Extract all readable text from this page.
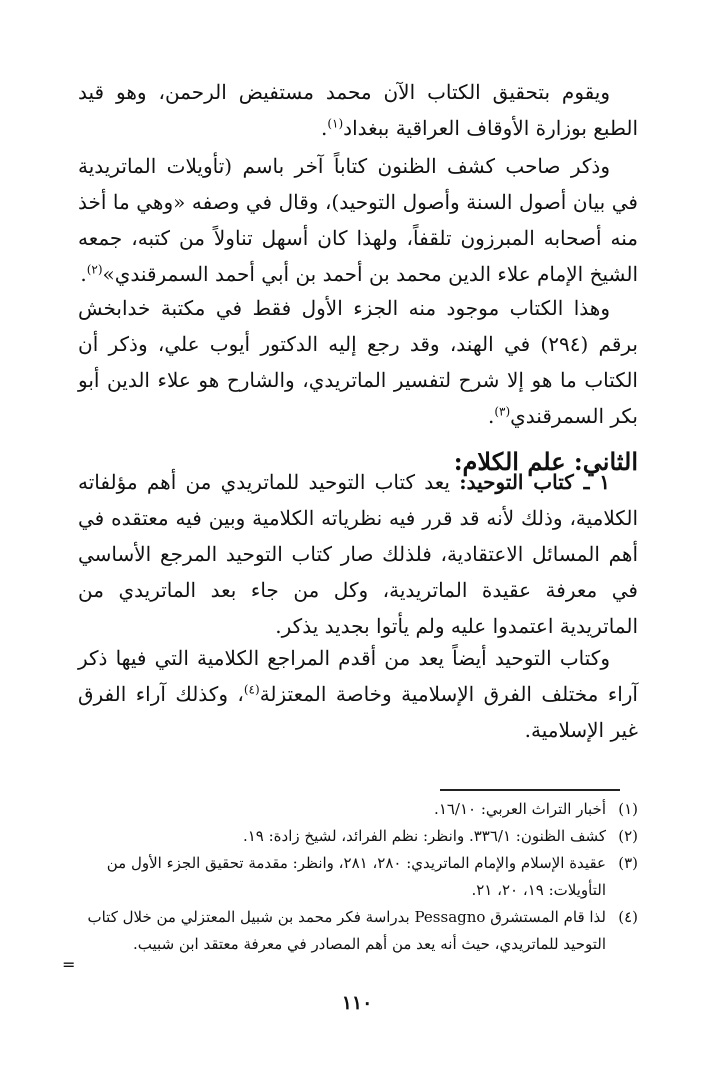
ويقوم بتحقيق الكتاب الآن محمد مستفيض الرحمن، وهو قيد الطبع بوزارة الأوقاف العراقية ببغداد$^{(١)}$.

وذكر صاحب كشف الظنون كتاباً آخر باسم (تأويلات الماتريدية في بيان أصول السنة وأصول التوحيد)، وقال في وصفه «وهي ما أخذ منه أصحابه المبرزون تلقفاً، ولهذا كان أسهل تناولاً من كتبه، جمعه الشيخ الإمام علاء الدين محمد بن أحمد بن أبي أحمد السمرقندي»$^{(٢)}$.

وهذا الكتاب موجود منه الجزء الأول فقط في مكتبة خدابخش برقم (٢٩٤) في الهند، وقد رجع إليه الدكتور أيوب علي، وذكر أن الكتاب ما هو إلا شرح لتفسير الماتريدي، والشارح هو علاء الدين أبو بكر السمرقندي$^{(٣)}$.

الثاني: علم الكلام:

١ ـ كتاب التوحيد: يعد كتاب التوحيد للماتريدي من أهم مؤلفاته الكلامية، وذلك لأنه قد قرر فيه نظرياته الكلامية وبين فيه معتقده في أهم المسائل الاعتقادية، فلذلك صار كتاب التوحيد المرجع الأساسي في معرفة عقيدة الماتريدية، وكل من جاء بعد الماتريدي من الماتريدية اعتمدوا عليه ولم يأتوا بجديد يذكر.

وكتاب التوحيد أيضاً يعد من أقدم المراجع الكلامية التي فيها ذكر آراء مختلف الفرق الإسلامية وخاصة المعتزلة$^{(٤)}$، وكذلك آراء الفرق غير الإسلامية.

(١)أخبار التراث العربي: ١٦/١٠.

(٢)كشف الظنون: ٣٣٦/١. وانظر: نظم الفرائد، لشيخ زادة: ١٩.

(٣)عقيدة الإسلام والإمام الماتريدي: ٢٨٠، ٢٨١، وانظر: مقدمة تحقيق الجزء الأول من التأويلات: ١٩، ٢٠، ٢١.

(٤)لذا قام المستشرق Pessagno بدراسة فكر محمد بن شبيل المعتزلي من خلال كتاب التوحيد للماتريدي، حيث أنه يعد من أهم المصادر في معرفة معتقد ابن شبيب.

=
١١٠
